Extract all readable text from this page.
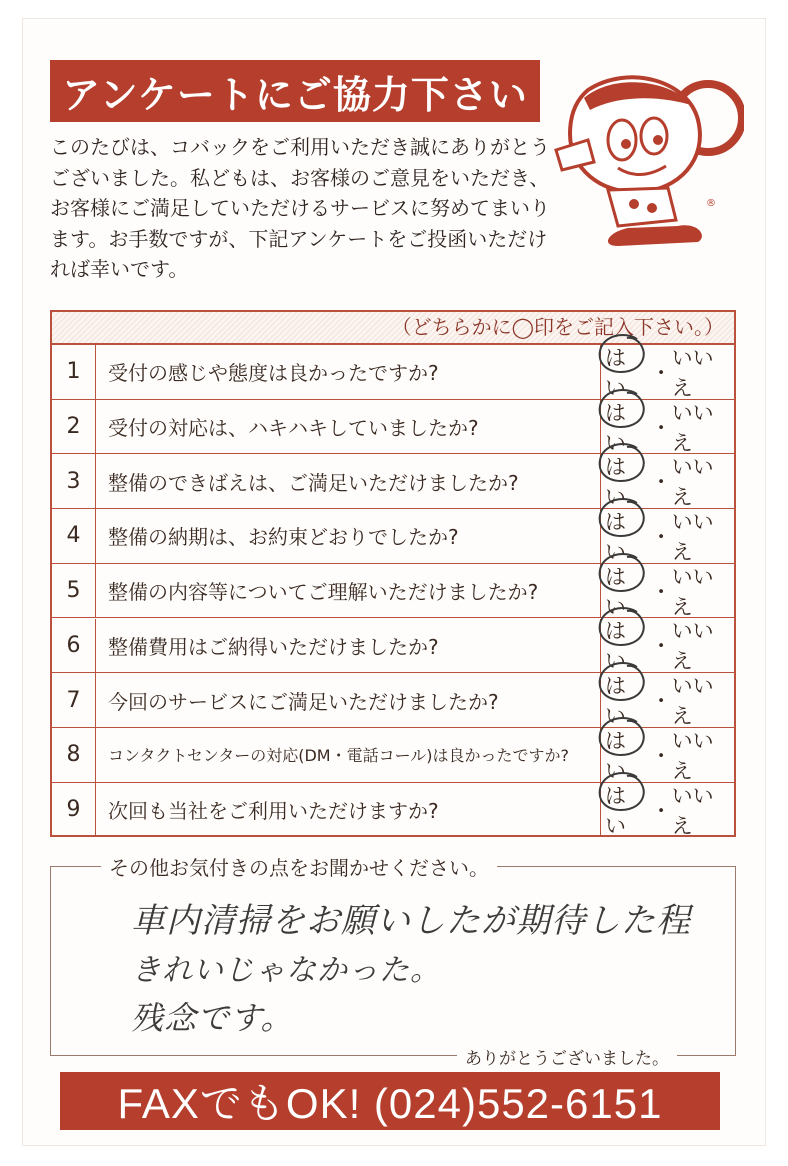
アンケートにご協力下さい
このたびは、コバックをご利用いただき誠にありがとうございました。私どもは、お客様のご意見をいただき、お客様にご満足していただけるサービスに努めてまいります。お手数ですが、下記アンケートをご投函いただければ幸いです。
®
（どちらかに◯印をご記入下さい。）
1	受付の感じや態度は良かったですか?
はい
・
いいえ
2	受付の対応は、ハキハキしていましたか?
はい
・
いいえ
3	整備のできばえは、ご満足いただけましたか?
はい
・
いいえ
4	整備の納期は、お約束どおりでしたか?
はい
・
いいえ
5	整備の内容等についてご理解いただけましたか?
はい
・
いいえ
6	整備費用はご納得いただけましたか?
はい
・
いいえ
7	今回のサービスにご満足いただけましたか?
はい
・
いいえ
8	コンタクトセンターの対応(DM・電話コール)は良かったですか?
はい
・
いいえ
9	次回も当社をご利用いただけますか?
はい
・
いいえ
その他お気付きの点をお聞かせください。
車内清掃をお願いしたが期待した程
きれいじゃなかった。
残念です。
ありがとうございました。
FAXでもOK! (024)552-6151
